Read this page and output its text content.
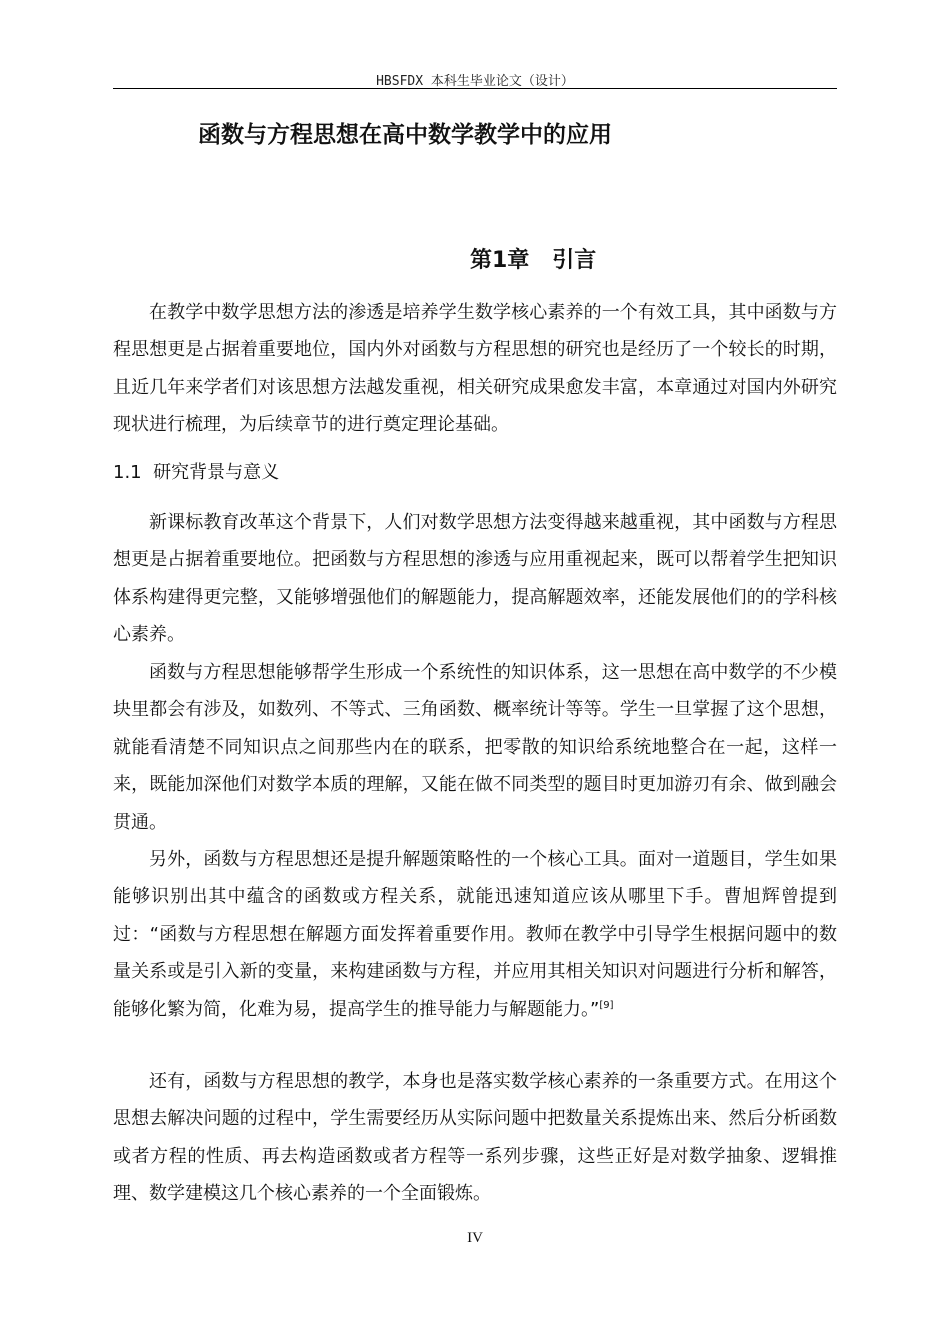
HBSFDX 本科生毕业论文（设计）
函数与方程思想在高中数学教学中的应用
第1章   引言
在教学中数学思想方法的渗透是培养学生数学核心素养的一个有效工具，其中函数与方程思想更是占据着重要地位，国内外对函数与方程思想的研究也是经历了一个较长的时期，且近几年来学者们对该思想方法越发重视，相关研究成果愈发丰富，本章通过对国内外研究现状进行梳理，为后续章节的进行奠定理论基础。
1.1  研究背景与意义
新课标教育改革这个背景下，人们对数学思想方法变得越来越重视，其中函数与方程思想更是占据着重要地位。把函数与方程思想的渗透与应用重视起来，既可以帮着学生把知识体系构建得更完整，又能够增强他们的解题能力，提高解题效率，还能发展他们的的学科核心素养。
函数与方程思想能够帮学生形成一个系统性的知识体系，这一思想在高中数学的不少模块里都会有涉及，如数列、不等式、三角函数、概率统计等等。学生一旦掌握了这个思想，就能看清楚不同知识点之间那些内在的联系，把零散的知识给系统地整合在一起，这样一来，既能加深他们对数学本质的理解，又能在做不同类型的题目时更加游刃有余、做到融会贯通。
另外，函数与方程思想还是提升解题策略性的一个核心工具。面对一道题目，学生如果能够识别出其中蕴含的函数或方程关系，就能迅速知道应该从哪里下手。曹旭辉曾提到过：“函数与方程思想在解题方面发挥着重要作用。教师在教学中引导学生根据问题中的数量关系或是引入新的变量，来构建函数与方程，并应用其相关知识对问题进行分析和解答，能够化繁为简，化难为易，提高学生的推导能力与解题能力。”[9]
还有，函数与方程思想的教学，本身也是落实数学核心素养的一条重要方式。在用这个思想去解决问题的过程中，学生需要经历从实际问题中把数量关系提炼出来、然后分析函数或者方程的性质、再去构造函数或者方程等一系列步骤，这些正好是对数学抽象、逻辑推理、数学建模这几个核心素养的一个全面锻炼。
IV
